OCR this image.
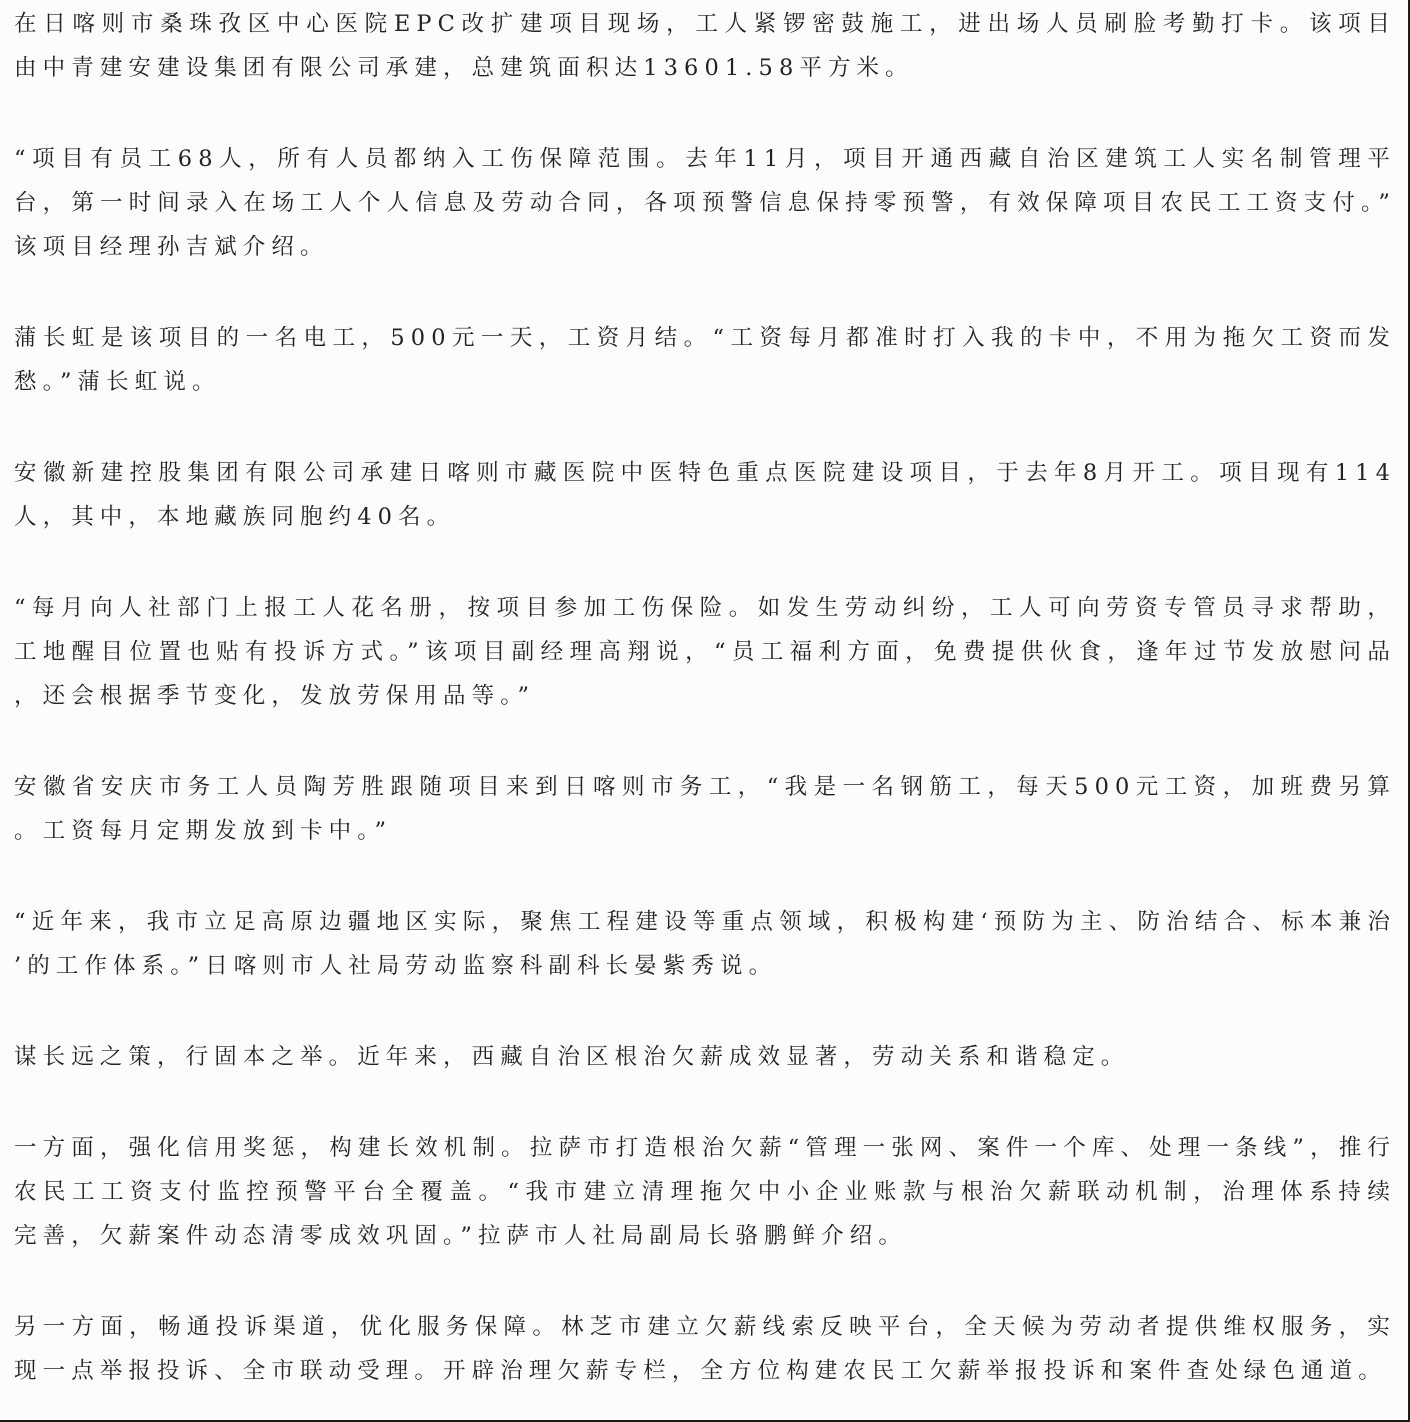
在日喀则市桑珠孜区中心医院EPC改扩建项目现场，工人紧锣密鼓施工，进出场人员刷脸考勤打卡。该项目由中青建安建设集团有限公司承建，总建筑面积达13601.58平方米。

“项目有员工68人，所有人员都纳入工伤保障范围。去年11月，项目开通西藏自治区建筑工人实名制管理平台，第一时间录入在场工人个人信息及劳动合同，各项预警信息保持零预警，有效保障项目农民工工资支付。”该项目经理孙吉斌介绍。

蒲长虹是该项目的一名电工，500元一天，工资月结。“工资每月都准时打入我的卡中，不用为拖欠工资而发愁。”蒲长虹说。

安徽新建控股集团有限公司承建日喀则市藏医院中医特色重点医院建设项目，于去年8月开工。项目现有114人，其中，本地藏族同胞约40名。

“每月向人社部门上报工人花名册，按项目参加工伤保险。如发生劳动纠纷，工人可向劳资专管员寻求帮助，工地醒目位置也贴有投诉方式。”该项目副经理高翔说，“员工福利方面，免费提供伙食，逢年过节发放慰问品，还会根据季节变化，发放劳保用品等。”

安徽省安庆市务工人员陶芳胜跟随项目来到日喀则市务工，“我是一名钢筋工，每天500元工资，加班费另算。工资每月定期发放到卡中。”

“近年来，我市立足高原边疆地区实际，聚焦工程建设等重点领域，积极构建‘预防为主、防治结合、标本兼治’的工作体系。”日喀则市人社局劳动监察科副科长晏紫秀说。

谋长远之策，行固本之举。近年来，西藏自治区根治欠薪成效显著，劳动关系和谐稳定。

一方面，强化信用奖惩，构建长效机制。拉萨市打造根治欠薪“管理一张网、案件一个库、处理一条线”，推行农民工工资支付监控预警平台全覆盖。“我市建立清理拖欠中小企业账款与根治欠薪联动机制，治理体系持续完善，欠薪案件动态清零成效巩固。”拉萨市人社局副局长骆鹏鲜介绍。

另一方面，畅通投诉渠道，优化服务保障。林芝市建立欠薪线索反映平台，全天候为劳动者提供维权服务，实现一点举报投诉、全市联动受理。开辟治理欠薪专栏，全方位构建农民工欠薪举报投诉和案件查处绿色通道。
